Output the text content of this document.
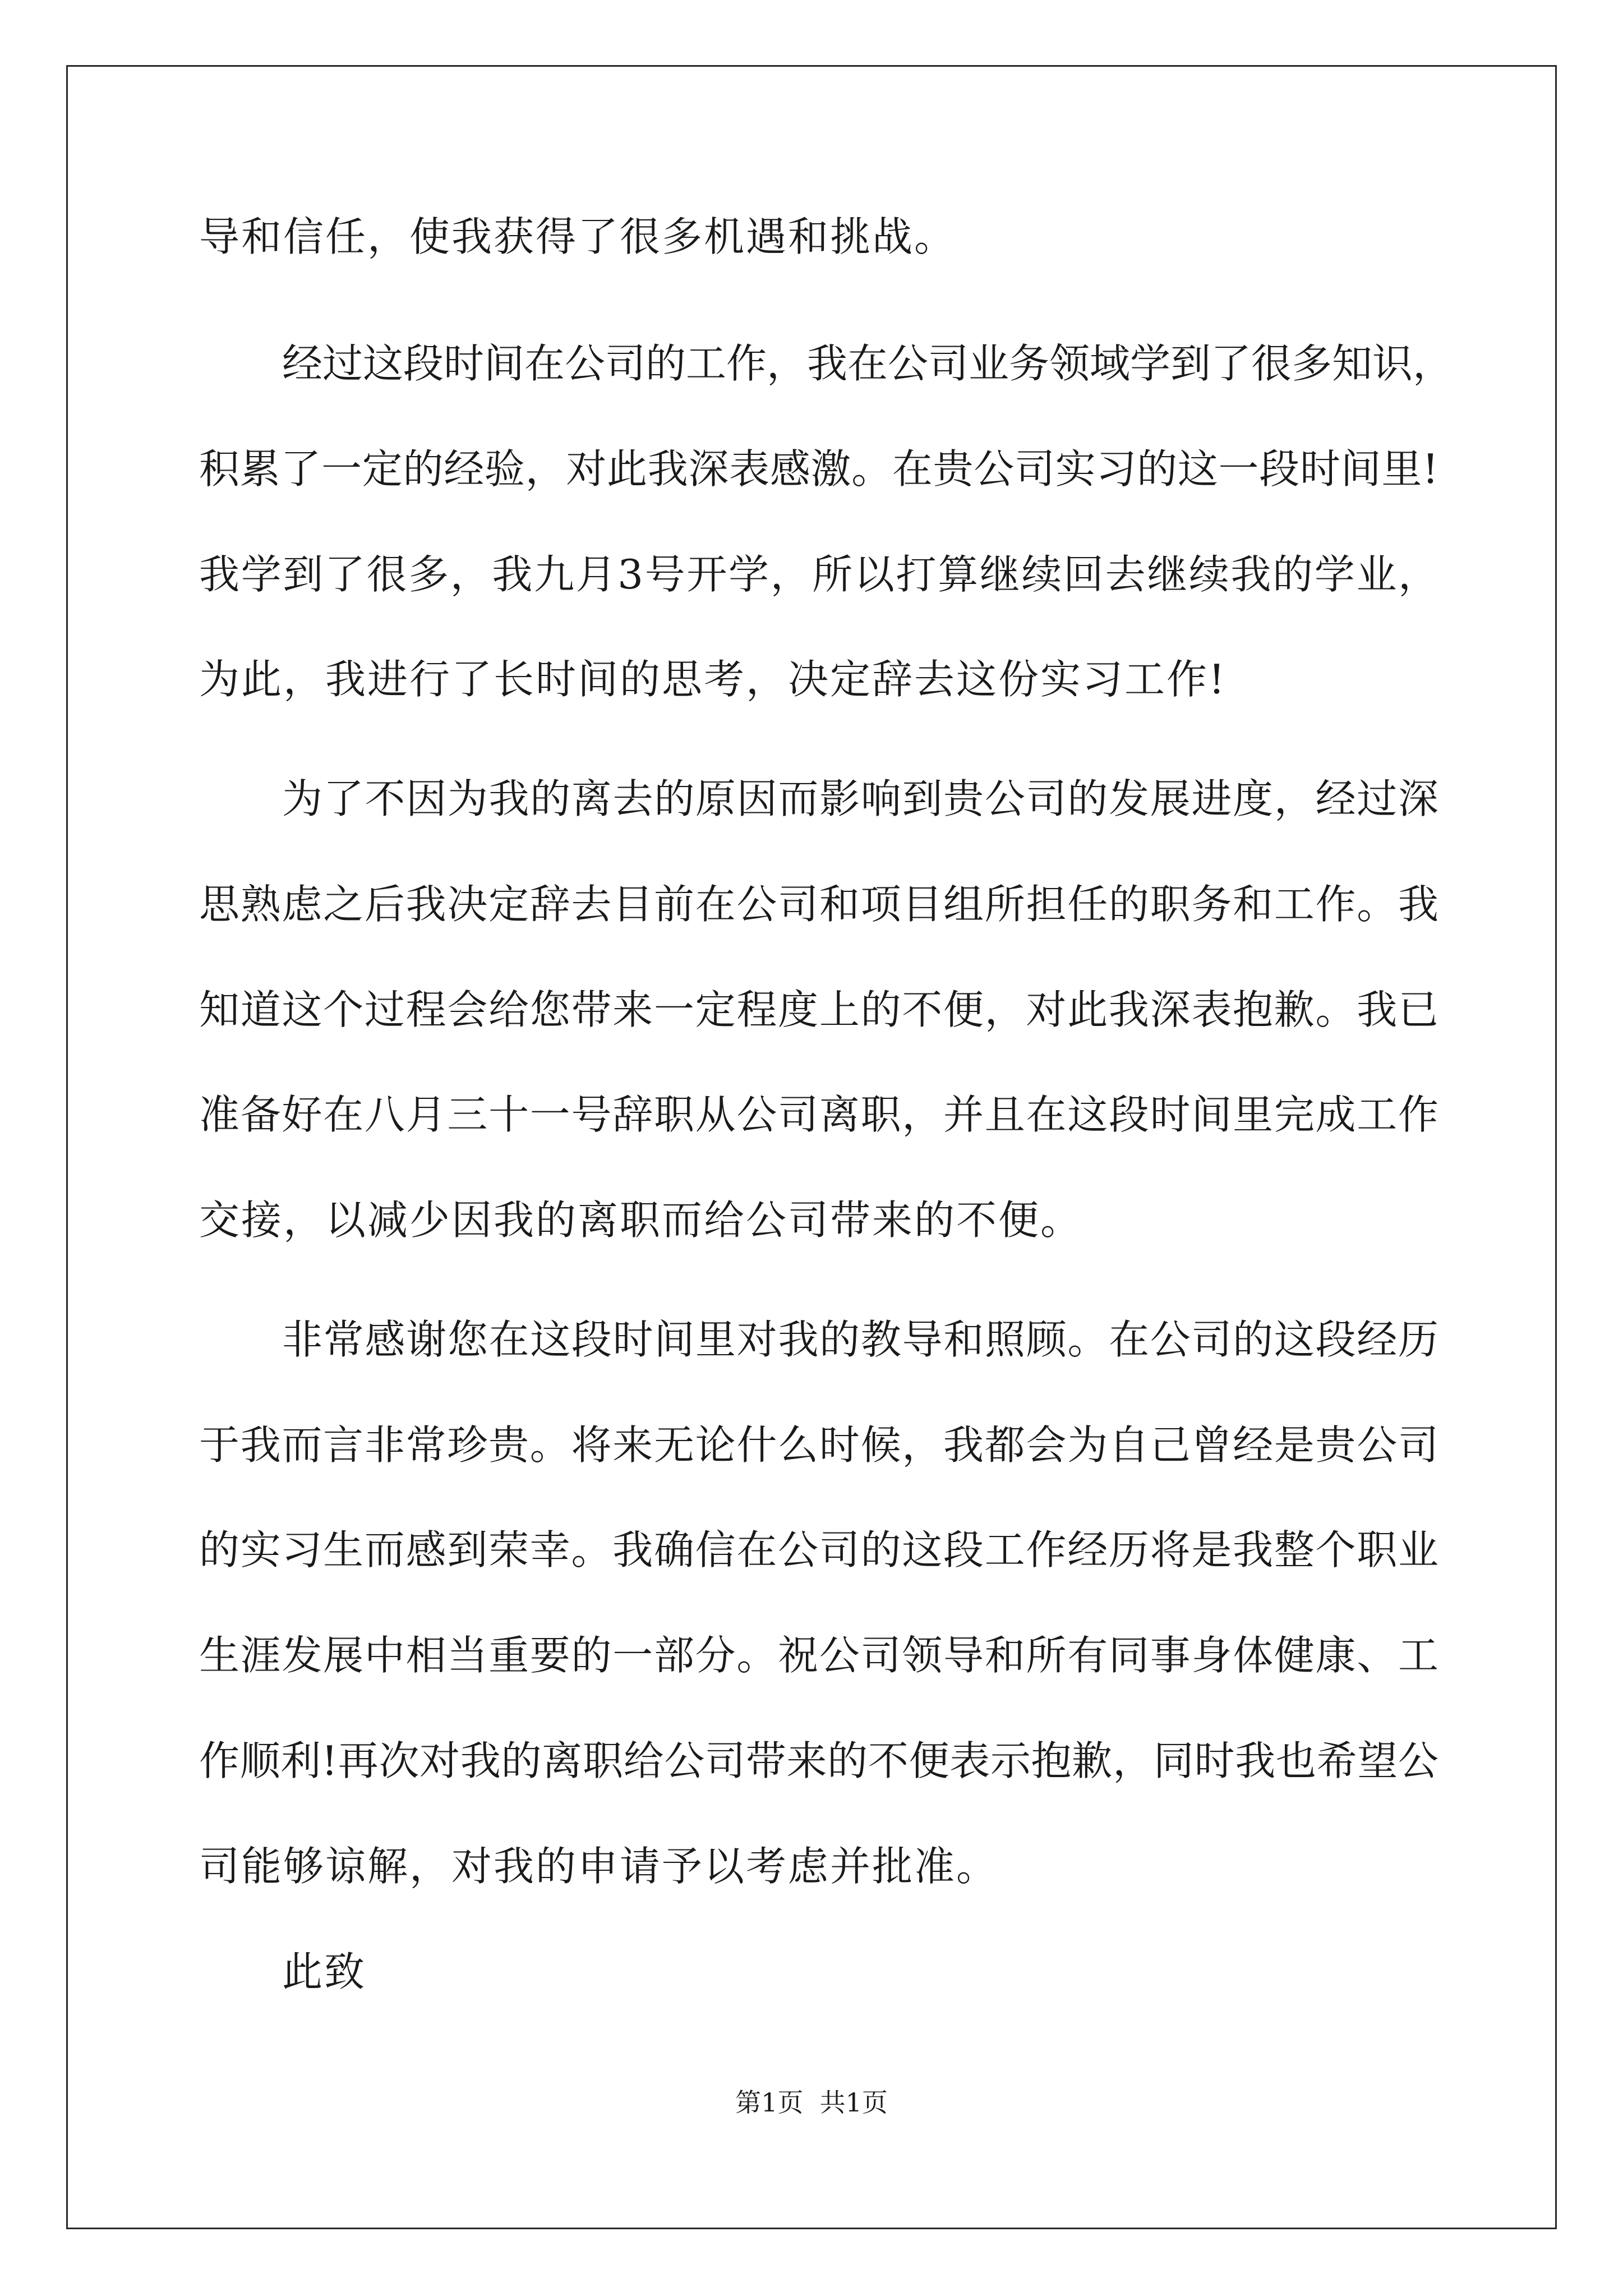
导和信任，使我获得了很多机遇和挑战。
经过这段时间在公司的工作，我在公司业务领域学到了很多知识，
积累了一定的经验，对此我深表感激。在贵公司实习的这一段时间里!
我学到了很多，我九月3号开学，所以打算继续回去继续我的学业，
为此，我进行了长时间的思考，决定辞去这份实习工作!
为了不因为我的离去的原因而影响到贵公司的发展进度，经过深
思熟虑之后我决定辞去目前在公司和项目组所担任的职务和工作。我
知道这个过程会给您带来一定程度上的不便，对此我深表抱歉。我已
准备好在八月三十一号辞职从公司离职，并且在这段时间里完成工作
交接，以减少因我的离职而给公司带来的不便。
非常感谢您在这段时间里对我的教导和照顾。在公司的这段经历
于我而言非常珍贵。将来无论什么时候，我都会为自己曾经是贵公司
的实习生而感到荣幸。我确信在公司的这段工作经历将是我整个职业
生涯发展中相当重要的一部分。祝公司领导和所有同事身体健康、工
作顺利!再次对我的离职给公司带来的不便表示抱歉，同时我也希望公
司能够谅解，对我的申请予以考虑并批准。
此致
第1页  共1页
